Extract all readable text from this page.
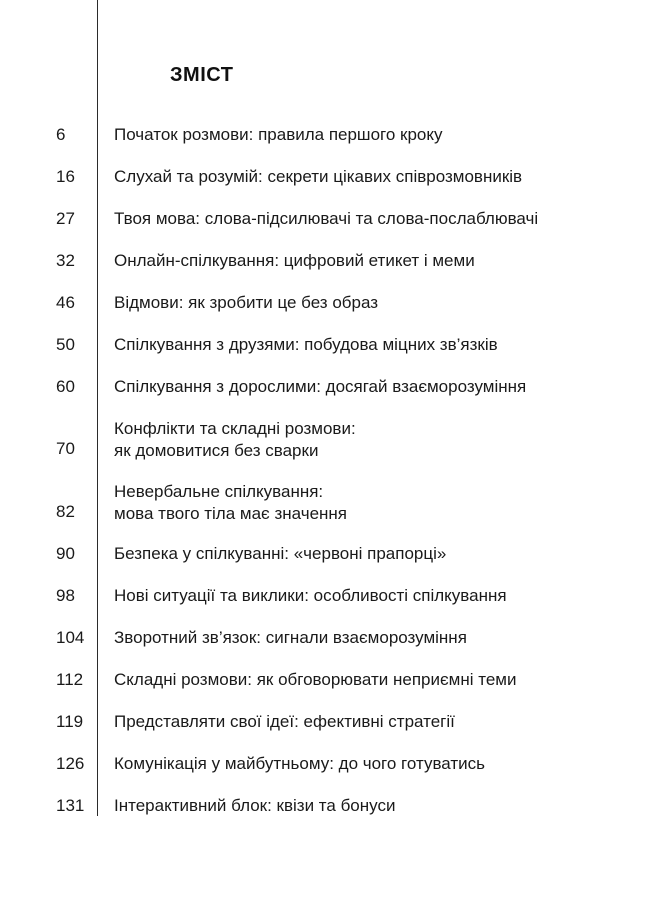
ЗМІСТ
6	Початок розмови: правила першого кроку
16 Слухай та розумій: секрети цікавих співрозмовників
27 Твоя мова: слова-підсилювачі та слова-послаблювачі
32 Онлайн-спілкування: цифровий етикет і меми
46 Відмови: як зробити це без образ
50 Спілкування з друзями: побудова міцних зв’язків
60 Спілкування з дорослими: досягай взаєморозуміння
70
Конфлікти та складні розмови:
як домовитися без сварки
82
Невербальне спілкування:
мова твого тіла має значення
90 Безпека у спілкуванні: «червоні прапорці»
98 Нові ситуації та виклики: особливості спілкування
104 Зворотний зв’язок: сигнали взаєморозуміння
112 Складні розмови: як обговорювати неприємні теми
119 Представляти свої ідеї: ефективні стратегії
126 Комунікація у майбутньому: до чого готуватись
131 Інтерактивний блок: квізи та бонуси
